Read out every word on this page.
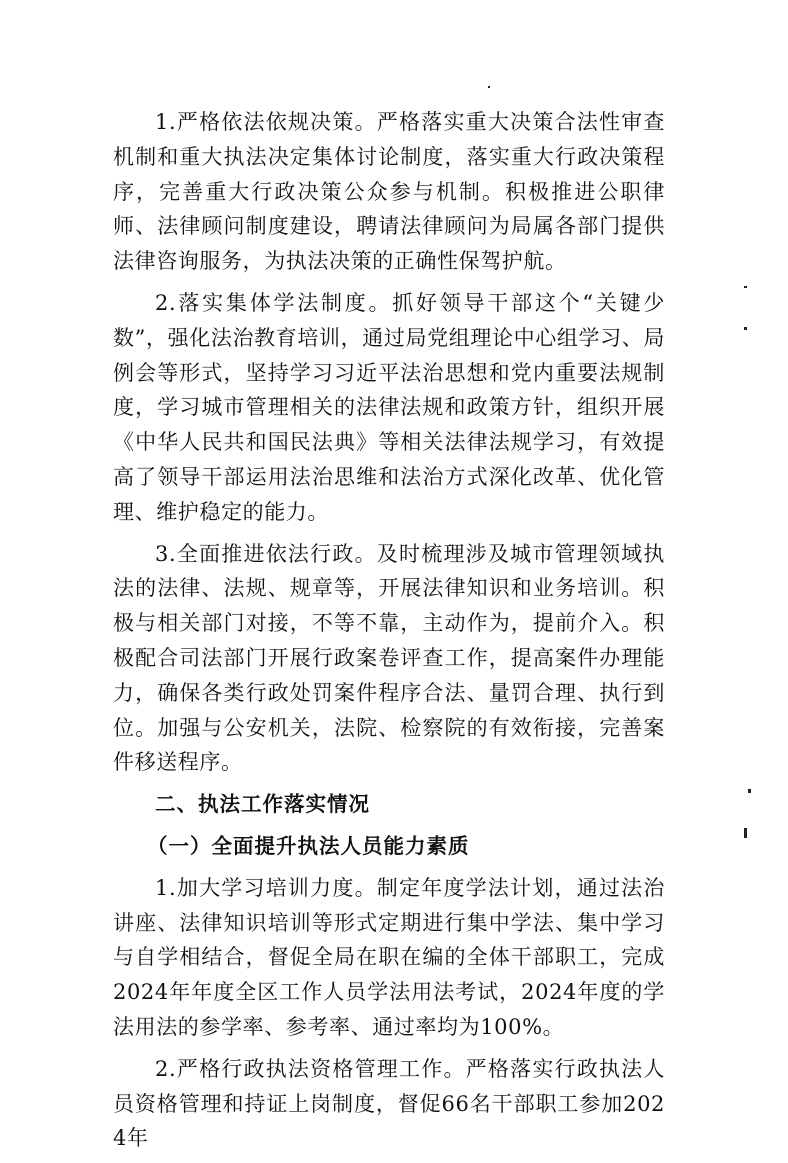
1.严格依法依规决策。严格落实重大决策合法性审查机制和重大执法决定集体讨论制度，落实重大行政决策程序，完善重大行政决策公众参与机制。积极推进公职律师、法律顾问制度建设，聘请法律顾问为局属各部门提供法律咨询服务，为执法决策的正确性保驾护航。

2.落实集体学法制度。抓好领导干部这个“关键少数”，强化法治教育培训，通过局党组理论中心组学习、局例会等形式，坚持学习习近平法治思想和党内重要法规制度，学习城市管理相关的法律法规和政策方针，组织开展《中华人民共和国民法典》等相关法律法规学习，有效提高了领导干部运用法治思维和法治方式深化改革、优化管理、维护稳定的能力。

3.全面推进依法行政。及时梳理涉及城市管理领域执法的法律、法规、规章等，开展法律知识和业务培训。积极与相关部门对接，不等不靠，主动作为，提前介入。积极配合司法部门开展行政案卷评查工作，提高案件办理能力，确保各类行政处罚案件程序合法、量罚合理、执行到位。加强与公安机关，法院、检察院的有效衔接，完善案件移送程序。

二、执法工作落实情况

（一）全面提升执法人员能力素质

1.加大学习培训力度。制定年度学法计划，通过法治讲座、法律知识培训等形式定期进行集中学法、集中学习与自学相结合，督促全局在职在编的全体干部职工，完成2024年年度全区工作人员学法用法考试，2024年度的学法用法的参学率、参考率、通过率均为100%。

2.严格行政执法资格管理工作。严格落实行政执法人员资格管理和持证上岗制度，督促66名干部职工参加2024年
